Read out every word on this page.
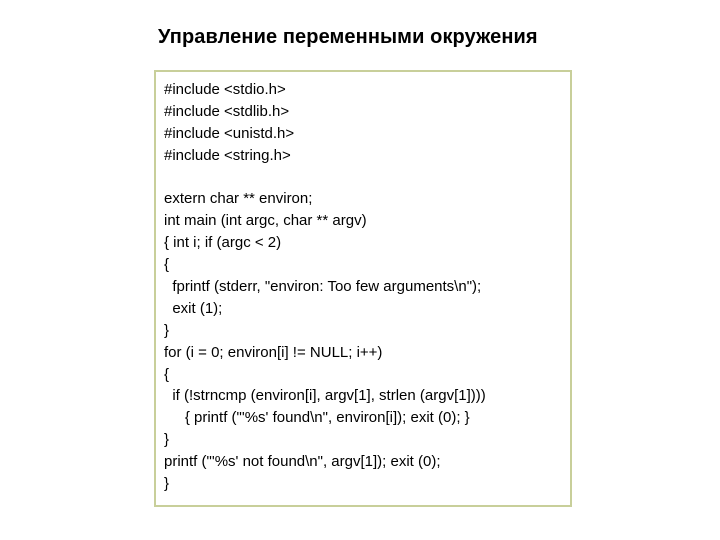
Управление переменными окружения
#include <stdio.h>
#include <stdlib.h>
#include <unistd.h>
#include <string.h>
extern char ** environ;
int main (int argc, char ** argv)
{ int i; if (argc < 2)
{
fprintf (stderr, "environ: Too few arguments\n");
exit (1);
}
for (i = 0; environ[i] != NULL; i++)
{
if (!strncmp (environ[i], argv[1], strlen (argv[1])))
{ printf ("'%s' found\n", environ[i]); exit (0); }
}
printf ("'%s' not found\n", argv[1]); exit (0);
}
